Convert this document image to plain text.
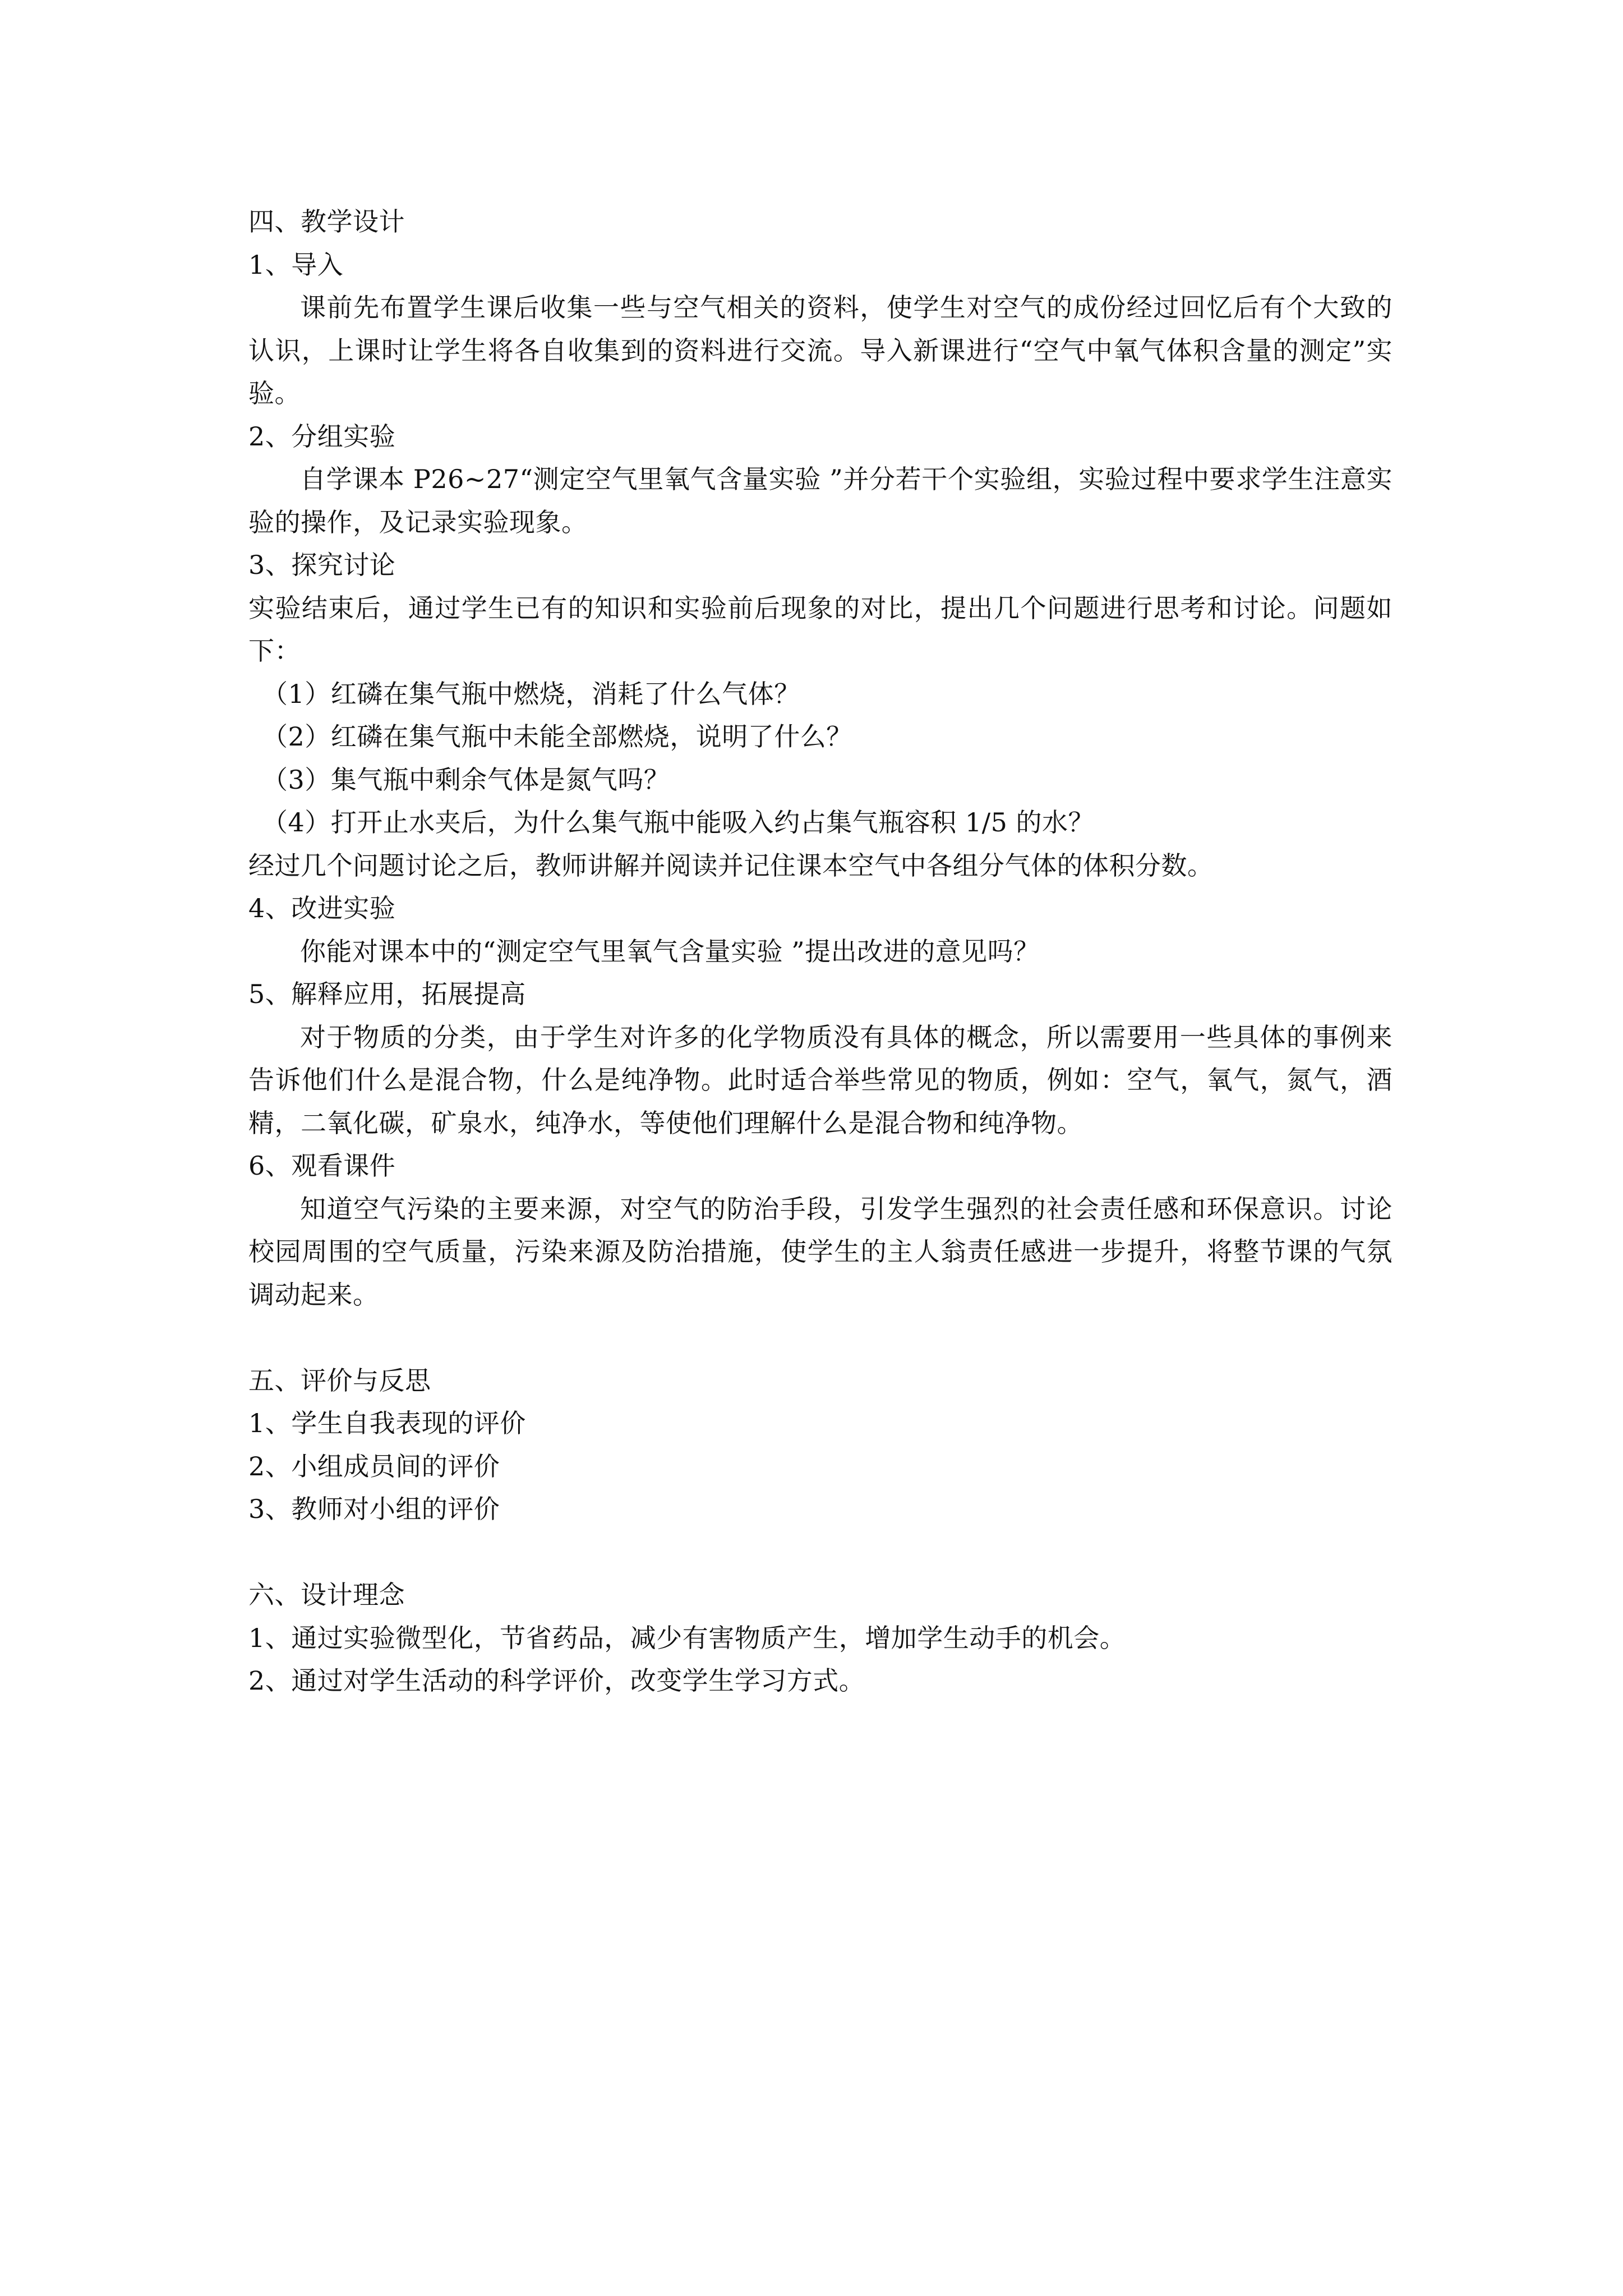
四、教学设计
1、导入
课前先布置学生课后收集一些与空气相关的资料，使学生对空气的成份经过回忆后有个大致的认识，上课时让学生将各自收集到的资料进行交流。导入新课进行“空气中氧气体积含量的测定”实验。
2、分组实验
自学课本 P26~27“测定空气里氧气含量实验 ”并分若干个实验组，实验过程中要求学生注意实验的操作，及记录实验现象。
3、探究讨论
实验结束后，通过学生已有的知识和实验前后现象的对比，提出几个问题进行思考和讨论。问题如下：
（1）红磷在集气瓶中燃烧，消耗了什么气体？
（2）红磷在集气瓶中未能全部燃烧，说明了什么？
（3）集气瓶中剩余气体是氮气吗？
（4）打开止水夹后，为什么集气瓶中能吸入约占集气瓶容积 1/5 的水？
经过几个问题讨论之后，教师讲解并阅读并记住课本空气中各组分气体的体积分数。
4、改进实验
你能对课本中的“测定空气里氧气含量实验 ”提出改进的意见吗？
5、解释应用，拓展提高
对于物质的分类，由于学生对许多的化学物质没有具体的概念，所以需要用一些具体的事例来告诉他们什么是混合物，什么是纯净物。此时适合举些常见的物质，例如：空气，氧气，氮气，酒精，二氧化碳，矿泉水，纯净水，等使他们理解什么是混合物和纯净物。
6、观看课件
知道空气污染的主要来源，对空气的防治手段，引发学生强烈的社会责任感和环保意识。讨论校园周围的空气质量，污染来源及防治措施，使学生的主人翁责任感进一步提升，将整节课的气氛调动起来。
五、评价与反思
1、学生自我表现的评价
2、小组成员间的评价
3、教师对小组的评价
六、设计理念
1、通过实验微型化，节省药品，减少有害物质产生，增加学生动手的机会。
2、通过对学生活动的科学评价，改变学生学习方式。
